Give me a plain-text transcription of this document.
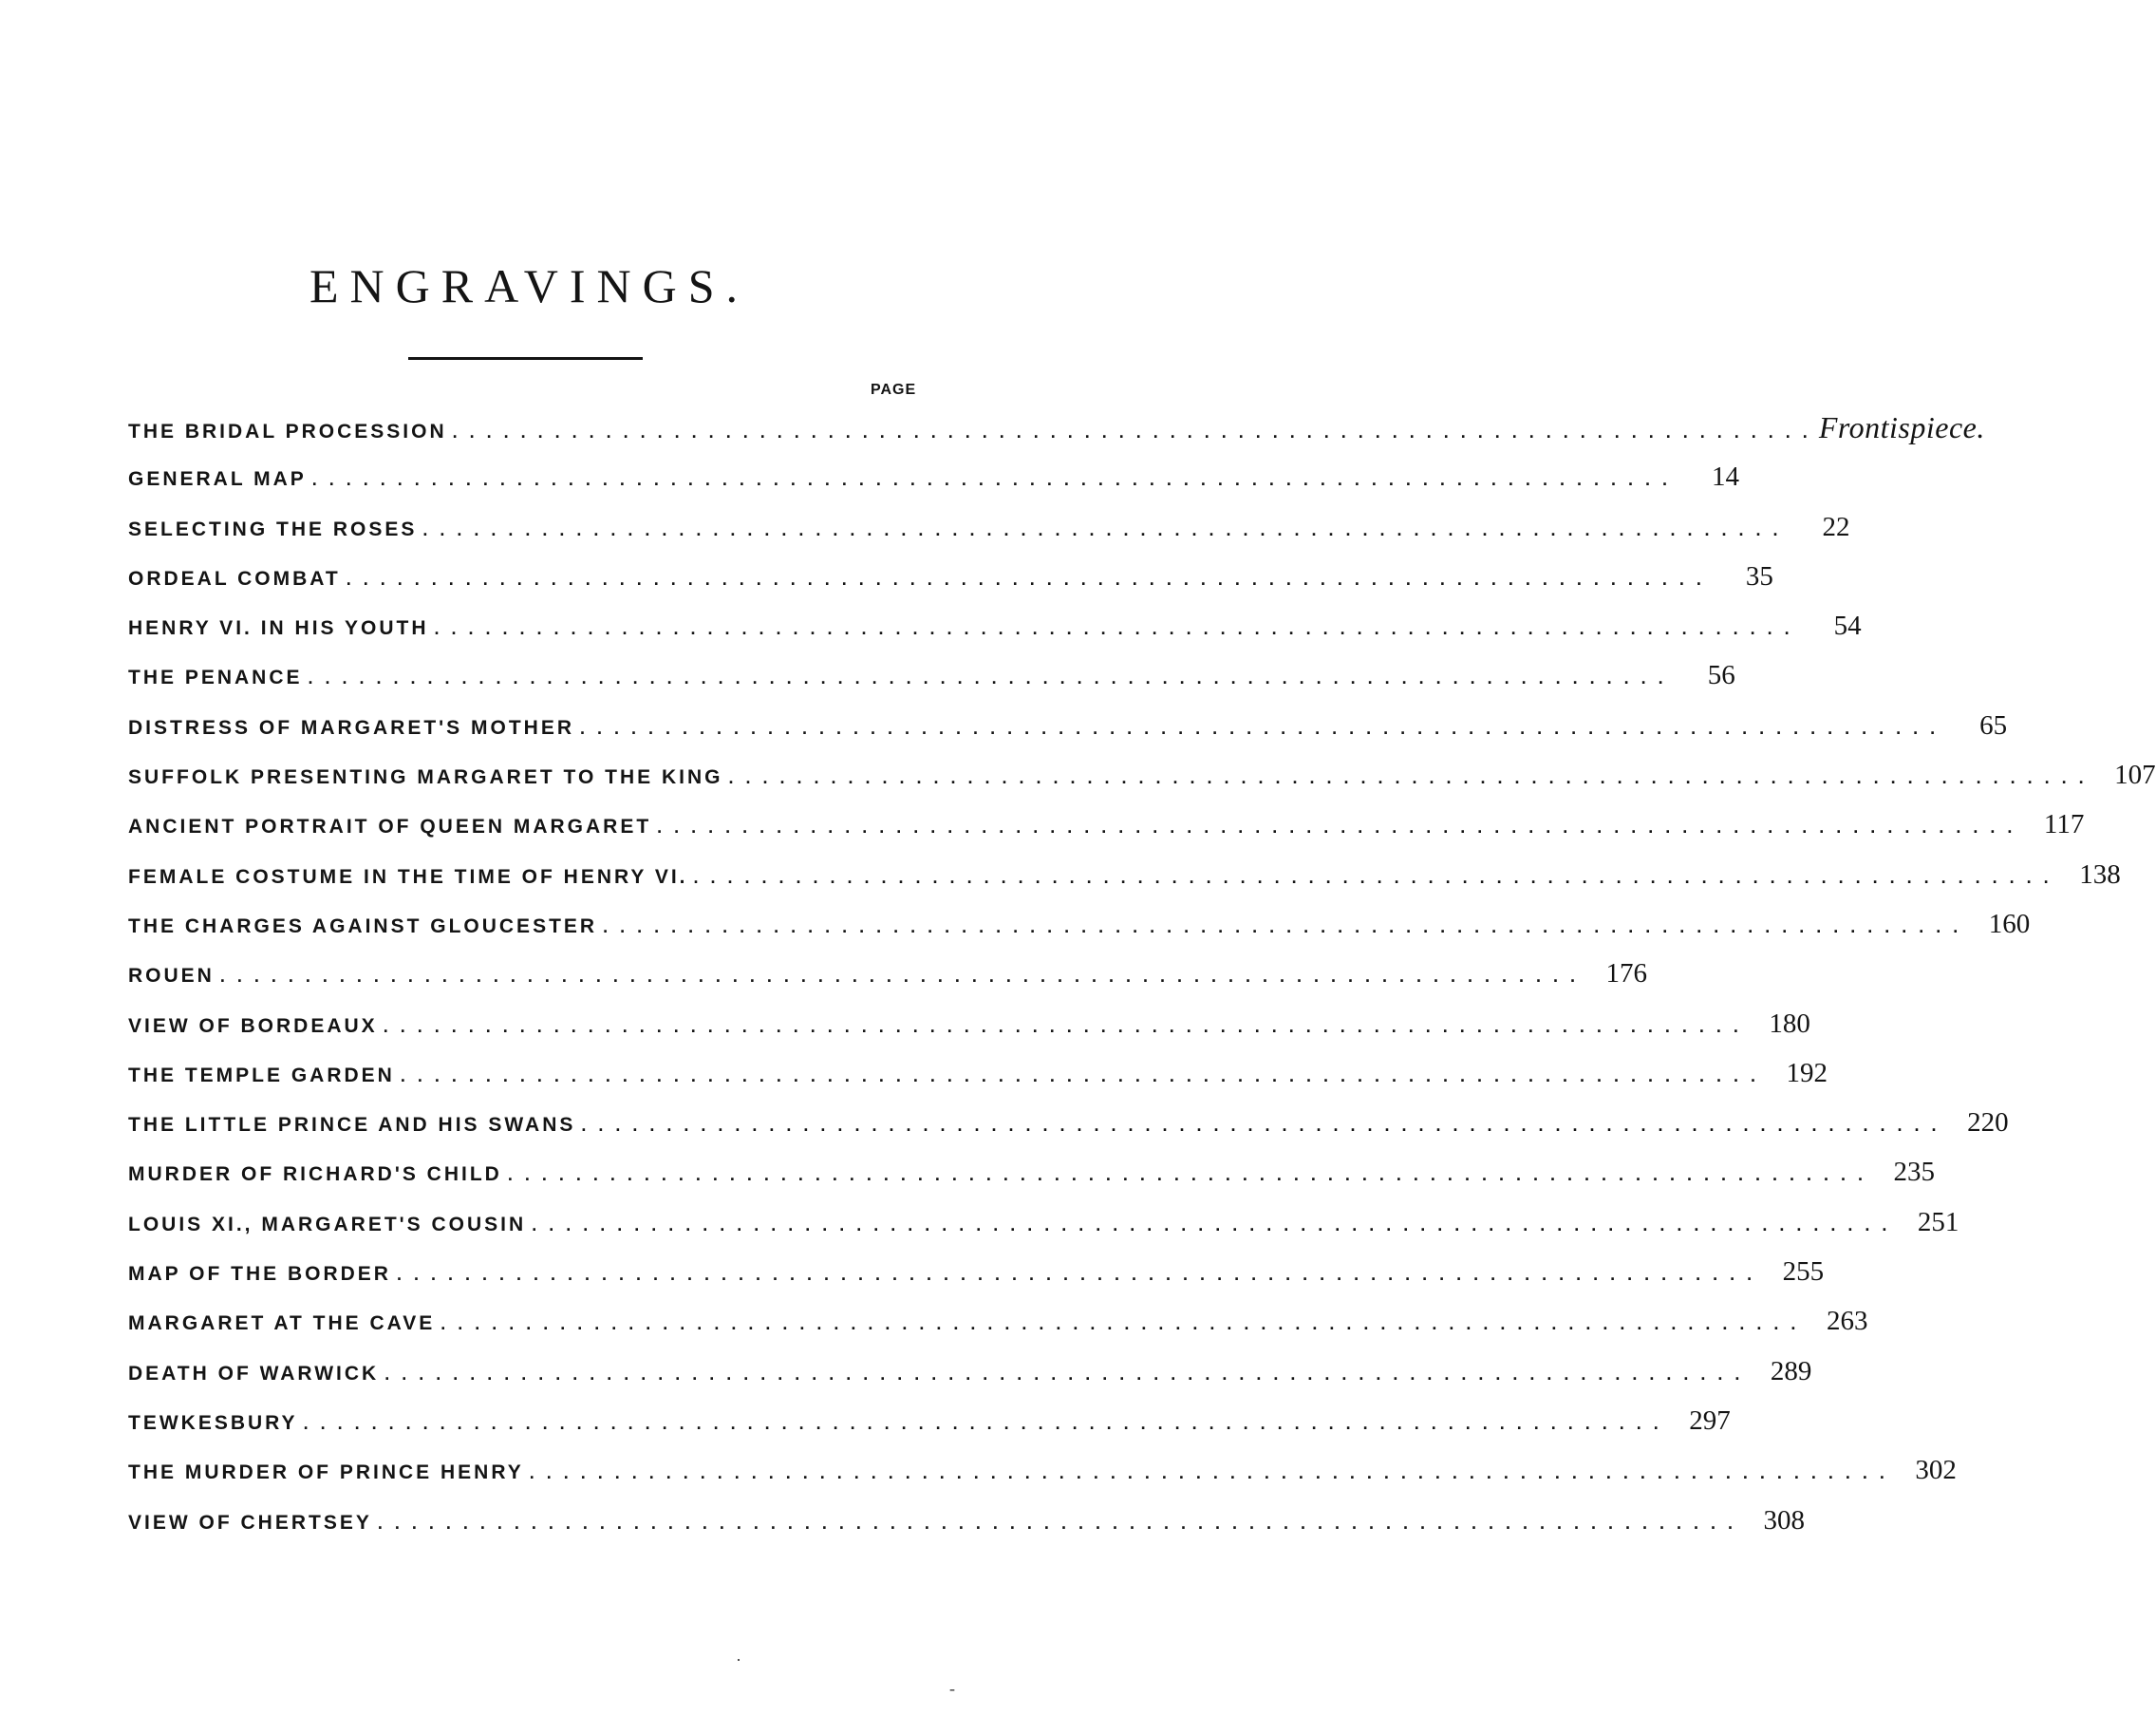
ENGRAVINGS.
PAGE
THE BRIDAL PROCESSION . . . . . . . . . . . . . . . . . . . . . . . . . . . . . . . . . . . . . . . . . . . . . . . . . . . . . . . . . . . . . . . . . . . . . . . . . . . . . . . . Frontispiece.
GENERAL MAP . . . . . . . . . . . . . . . . . . . . . . . . . . . . . . . . . . . . . . . . . . . . . . . . . . . . . . . . . . . . . . . . . . . . . . . . . . . . . . . .	14
SELECTING THE ROSES . . . . . . . . . . . . . . . . . . . . . . . . . . . . . . . . . . . . . . . . . . . . . . . . . . . . . . . . . . . . . . . . . . . . . . . . . . . . . . . .	22
ORDEAL COMBAT . . . . . . . . . . . . . . . . . . . . . . . . . . . . . . . . . . . . . . . . . . . . . . . . . . . . . . . . . . . . . . . . . . . . . . . . . . . . . . . .	35
HENRY VI. IN HIS YOUTH . . . . . . . . . . . . . . . . . . . . . . . . . . . . . . . . . . . . . . . . . . . . . . . . . . . . . . . . . . . . . . . . . . . . . . . . . . . . . . . .	54
THE PENANCE . . . . . . . . . . . . . . . . . . . . . . . . . . . . . . . . . . . . . . . . . . . . . . . . . . . . . . . . . . . . . . . . . . . . . . . . . . . . . . . .	56
DISTRESS OF MARGARET'S MOTHER . . . . . . . . . . . . . . . . . . . . . . . . . . . . . . . . . . . . . . . . . . . . . . . . . . . . . . . . . . . . . . . . . . . . . . . . . . . . . . . .	65
SUFFOLK PRESENTING MARGARET TO THE KING . . . . . . . . . . . . . . . . . . . . . . . . . . . . . . . . . . . . . . . . . . . . . . . . . . . . . . . . . . . . . . . . . . . . . . . . . . . . . . . . 107
ANCIENT PORTRAIT OF QUEEN MARGARET . . . . . . . . . . . . . . . . . . . . . . . . . . . . . . . . . . . . . . . . . . . . . . . . . . . . . . . . . . . . . . . . . . . . . . . . . . . . . . . .	117
FEMALE COSTUME IN THE TIME OF HENRY VI. . . . . . . . . . . . . . . . . . . . . . . . . . . . . . . . . . . . . . . . . . . . . . . . . . . . . . . . . . . . . . . . . . . . . . . . . . . . . . . . . 138
THE CHARGES AGAINST GLOUCESTER . . . . . . . . . . . . . . . . . . . . . . . . . . . . . . . . . . . . . . . . . . . . . . . . . . . . . . . . . . . . . . . . . . . . . . . . . . . . . . . . 160
ROUEN . . . . . . . . . . . . . . . . . . . . . . . . . . . . . . . . . . . . . . . . . . . . . . . . . . . . . . . . . . . . . . . . . . . . . . . . . . . . . . . . 176
VIEW OF BORDEAUX . . . . . . . . . . . . . . . . . . . . . . . . . . . . . . . . . . . . . . . . . . . . . . . . . . . . . . . . . . . . . . . . . . . . . . . . . . . . . . . . 180
THE TEMPLE GARDEN . . . . . . . . . . . . . . . . . . . . . . . . . . . . . . . . . . . . . . . . . . . . . . . . . . . . . . . . . . . . . . . . . . . . . . . . . . . . . . . . 192
THE LITTLE PRINCE AND HIS SWANS . . . . . . . . . . . . . . . . . . . . . . . . . . . . . . . . . . . . . . . . . . . . . . . . . . . . . . . . . . . . . . . . . . . . . . . . . . . . . . . . 220
MURDER OF RICHARD'S CHILD . . . . . . . . . . . . . . . . . . . . . . . . . . . . . . . . . . . . . . . . . . . . . . . . . . . . . . . . . . . . . . . . . . . . . . . . . . . . . . . . 235
LOUIS XI., MARGARET'S COUSIN . . . . . . . . . . . . . . . . . . . . . . . . . . . . . . . . . . . . . . . . . . . . . . . . . . . . . . . . . . . . . . . . . . . . . . . . . . . . . . . . 251
MAP OF THE BORDER . . . . . . . . . . . . . . . . . . . . . . . . . . . . . . . . . . . . . . . . . . . . . . . . . . . . . . . . . . . . . . . . . . . . . . . . . . . . . . . . 255
MARGARET AT THE CAVE . . . . . . . . . . . . . . . . . . . . . . . . . . . . . . . . . . . . . . . . . . . . . . . . . . . . . . . . . . . . . . . . . . . . . . . . . . . . . . . . 263
DEATH OF WARWICK . . . . . . . . . . . . . . . . . . . . . . . . . . . . . . . . . . . . . . . . . . . . . . . . . . . . . . . . . . . . . . . . . . . . . . . . . . . . . . . . 289
TEWKESBURY . . . . . . . . . . . . . . . . . . . . . . . . . . . . . . . . . . . . . . . . . . . . . . . . . . . . . . . . . . . . . . . . . . . . . . . . . . . . . . . . 297
THE MURDER OF PRINCE HENRY . . . . . . . . . . . . . . . . . . . . . . . . . . . . . . . . . . . . . . . . . . . . . . . . . . . . . . . . . . . . . . . . . . . . . . . . . . . . . . . . 302
VIEW OF CHERTSEY . . . . . . . . . . . . . . . . . . . . . . . . . . . . . . . . . . . . . . . . . . . . . . . . . . . . . . . . . . . . . . . . . . . . . . . . . . . . . . . . 308
·
-
